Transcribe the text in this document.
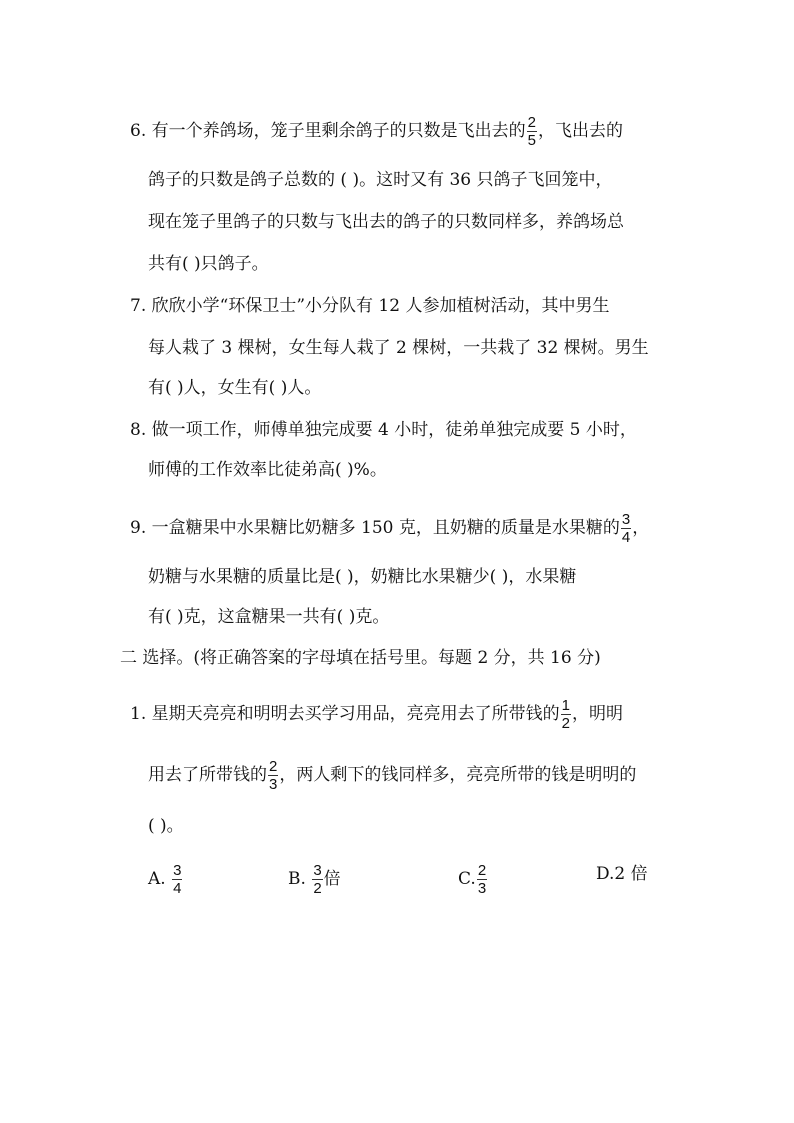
6. 有一个养鸽场，笼子里剩余鸽子的只数是飞出去的 $\frac{2}{5}$ ，飞出去的
鸽子的只数是鸽子总数的 ( )。这时又有 36 只鸽子飞回笼中，
现在笼子里鸽子的只数与飞出去的鸽子的只数同样多，养鸽场总
共有( )只鸽子。
7. 欣欣小学“环保卫士”小分队有 12 人参加植树活动，其中男生
每人栽了 3 棵树，女生每人栽了 2 棵树，一共栽了 32 棵树。男生
有( )人，女生有( )人。
8. 做一项工作，师傅单独完成要 4 小时，徒弟单独完成要 5 小时，
师傅的工作效率比徒弟高( )%。
9. 一盒糖果中水果糖比奶糖多 150 克，且奶糖的质量是水果糖的 $\frac{3}{4}$ ，
奶糖与水果糖的质量比是( )，奶糖比水果糖少( )，水果糖
有( )克，这盒糖果一共有( )克。
二 选择。(将正确答案的字母填在括号里。每题 2 分，共 16 分)
1. 星期天亮亮和明明去买学习用品，亮亮用去了所带钱的 $\frac{1}{2}$ ，明明
用去了所带钱的 $\frac{2}{3}$ ，两人剩下的钱同样多，亮亮所带的钱是明明的
( )。
A. $\frac{3}{4}$	B. $\frac{3}{2}$ 倍	C. $\frac{2}{3}$	D.2 倍
